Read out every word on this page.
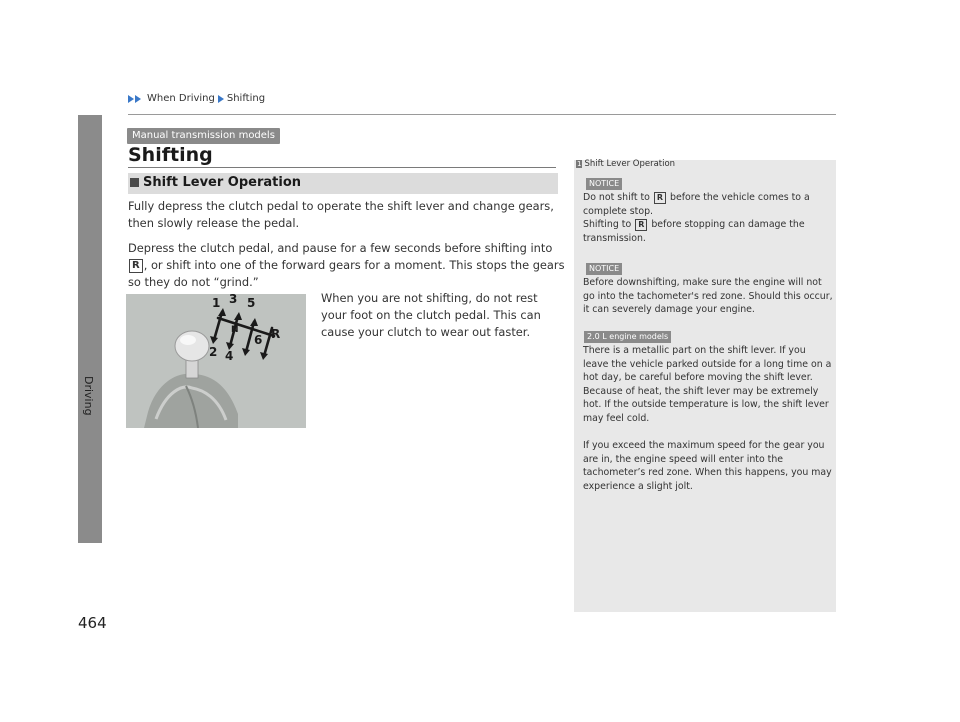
When Driving Shifting
Driving
Manual transmission models
Shifting
Shift Lever Operation
Fully depress the clutch pedal to operate the shift lever and change gears, then slowly release the pedal.
Depress the clutch pedal, and pause for a few seconds before shifting into R , or shift into one of the forward gears for a moment. This stops the gears so they do not “grind.”
When you are not shifting, do not rest your foot on the clutch pedal. This can cause your clutch to wear out faster.
1 3 5
N
2 4
6 R
1 Shift Lever Operation
NOTICE
Do not shift to R before the vehicle comes to a complete stop.
Shifting to R before stopping can damage the transmission.
NOTICE
Before downshifting, make sure the engine will not go into the tachometer's red zone. Should this occur, it can severely damage your engine.
2.0 L engine models
There is a metallic part on the shift lever. If you leave the vehicle parked outside for a long time on a hot day, be careful before moving the shift lever. Because of heat, the shift lever may be extremely hot. If the outside temperature is low, the shift lever may feel cold.
If you exceed the maximum speed for the gear you are in, the engine speed will enter into the tachometer’s red zone. When this happens, you may experience a slight jolt.
464
